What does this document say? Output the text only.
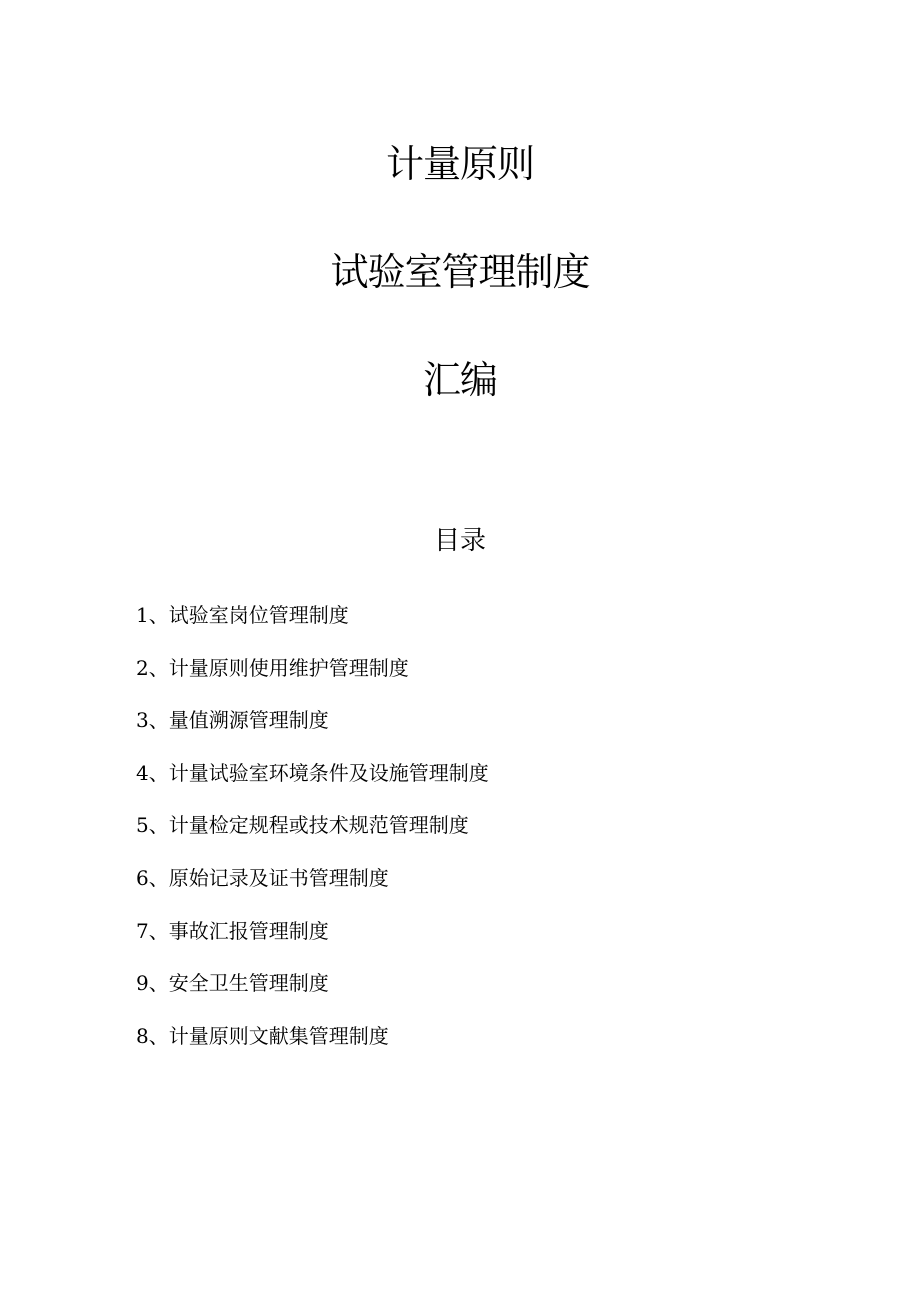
计量原则
试验室管理制度
汇编
目录
1、试验室岗位管理制度
2、计量原则使用维护管理制度
3、量值溯源管理制度
4、计量试验室环境条件及设施管理制度
5、计量检定规程或技术规范管理制度
6、原始记录及证书管理制度
7、事故汇报管理制度
9、安全卫生管理制度
8、计量原则文献集管理制度
